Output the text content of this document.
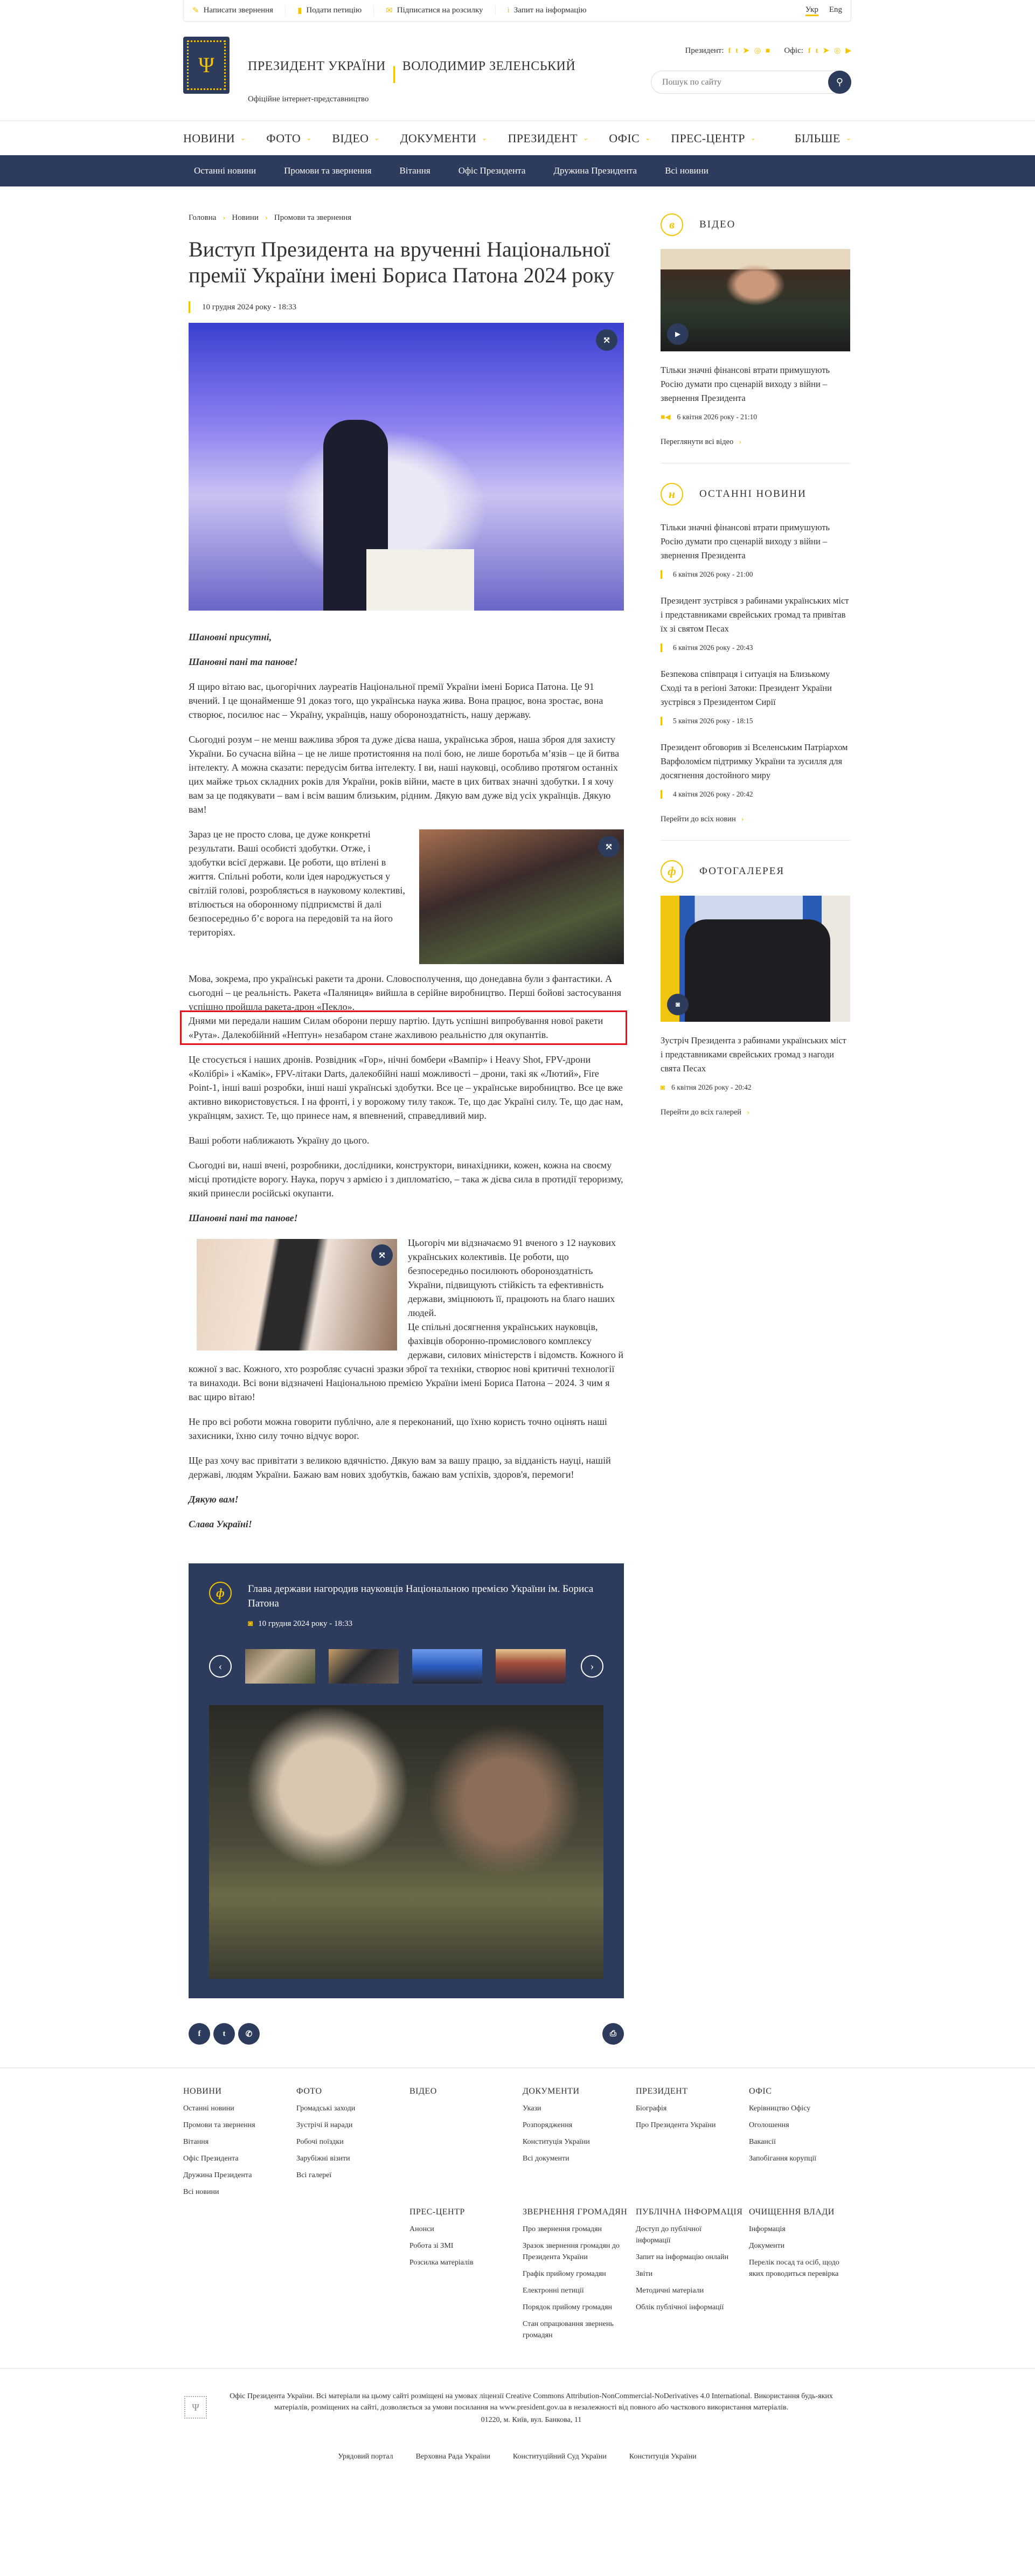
✎ Написати звернення	▮ Подати петицію	✉ Підписатися на розсилку	i Запит на інформацію	Укр Eng
Ψ	ПРЕЗИДЕНТ УКРАЇНИ ВОЛОДИМИР ЗЕЛЕНСЬКИЙ
Офіційне інтернет-представництво
Президент: f t ➤ ◎ ■ Офіс: f t ➤ ◎ ▶
Пошук по сайту
⚲
НОВИНИ ⌄ ФОТО ⌄ ВІДЕО ⌄ ДОКУМЕНТИ ⌄ ПРЕЗИДЕНТ ⌄ ОФІС ⌄ ПРЕС-ЦЕНТР ⌄	БІЛЬШЕ ⌄
Останні новини	Промови та звернення	Вітання	Офіс Президента	Дружина Президента	Всі новини
Головна › Новини › Промови та звернення
Виступ Президента на врученні Національної премії України імені Бориса Патона 2024 року
10 грудня 2024 року - 18:33
⤧

Шановні присутні,

Шановні пані та панове!

Я щиро вітаю вас, цьогорічних лауреатів Національної премії України імені Бориса Патона. Це 91 вчений. І це щонайменше 91 доказ того, що українська наука жива. Вона працює, вона зростає, вона створює, посилює нас – Україну, українців, нашу обороноздатність, нашу державу.

Сьогодні розум – не менш важлива зброя та дуже дієва наша, українська зброя, наша зброя для захисту України. Бо сучасна війна – це не лише протистояння на полі бою, не лише боротьба м’язів – це й битва інтелекту. А можна сказати: передусім битва інтелекту. І ви, наші науковці, особливо протягом останніх цих майже трьох складних років для України, років війни, маєте в цих битвах значні здобутки. І я хочу вам за це подякувати – вам і всім вашим близьким, рідним. Дякую вам дуже від усіх українців. Дякую вам!

⤧

Зараз це не просто слова, це дуже конкретні результати. Ваші особисті здобутки. Отже, і здобутки всієї держави. Це роботи, що втілені в життя. Спільні роботи, коли ідея народжується у світлій голові, розробляється в науковому колективі, втілюється на оборонному підприємстві й далі безпосередньо б’є ворога на передовій та на його територіях.

Мова, зокрема, про українські ракети та дрони. Словосполучення, що донедавна були з фантастики. А сьогодні – це реальність. Ракета «Паляниця» вийшла в серійне виробництво. Перші бойові застосування успішно пройшла ракета-дрон «Пекло».

Днями ми передали нашим Силам оборони першу партію. Ідуть успішні випробування нової ракети «Рута». Далекобійний «Нептун» незабаром стане жахливою реальністю для окупантів.

Це стосується і наших дронів. Розвідник «Гор», нічні бомбери «Вампір» і Heavy Shot, FPV-дрони «Колібрі» і «Камік», FPV-літаки Darts, далекобійні наші можливості – дрони, такі як «Лютий», Fire Point-1, інші ваші розробки, інші наші українські здобутки. Все це – українське виробництво. Все це вже активно використовується. І на фронті, і у ворожому тилу також. Те, що дає Україні силу. Те, що дає нам, українцям, захист. Те, що принесе нам, я впевнений, справедливий мир.

Ваші роботи наближають Україну до цього.

Сьогодні ви, наші вчені, розробники, дослідники, конструктори, винахідники, кожен, кожна на своєму місці протидієте ворогу. Наука, поруч з армією і з дипломатією, – така ж дієва сила в протидії тероризму, який принесли російські окупанти.

Шановні пані та панове!

⤧

Цьогоріч ми відзначаємо 91 вченого з 12 наукових українських колективів. Це роботи, що безпосередньо посилюють обороноздатність України, підвищують стійкість та ефективність держави, зміцнюють її, працюють на благо наших людей.

Це спільні досягнення українських науковців, фахівців оборонно-промислового комплексу держави, силових міністерств і відомств. Кожного й кожної з вас. Кожного, хто розробляє сучасні зразки зброї та техніки, створює нові критичні технології та винаходи. Всі вони відзначені Національною премією України імені Бориса Патона – 2024. З чим я вас щиро вітаю!

Не про всі роботи можна говорити публічно, але я переконаний, що їхню користь точно оцінять наші захисники, їхню силу точно відчує ворог.

Ще раз хочу вас привітати з великою вдячністю. Дякую вам за вашу працю, за відданість науці, нашій державі, людям України. Бажаю вам нових здобутків, бажаю вам успіхів, здоров'я, перемоги!

Дякую вам!

Слава Україні!

ф	Глава держави нагородив науковців Національною премією України ім. Бориса Патона
◙ 10 грудня 2024 року - 18:33
‹	›
f	t	✆	⎙
в	ВІДЕО
▶
Тільки значні фінансові втрати примушують Росію думати про сценарій виходу з війни – звернення Президента
■◀ 6 квітня 2026 року - 21:10
Переглянути всі відео ›
н	ОСТАННІ НОВИНИ
Тільки значні фінансові втрати примушують Росію думати про сценарій виходу з війни – звернення Президента
6 квітня 2026 року - 21:00
Президент зустрівся з рабинами українських міст і представниками єврейських громад та привітав їх зі святом Песах
6 квітня 2026 року - 20:43
Безпекова співпраця і ситуація на Близькому Сході та в регіоні Затоки: Президент України зустрівся з Президентом Сирії
5 квітня 2026 року - 18:15
Президент обговорив зі Вселенським Патріархом Варфоломієм підтримку України та зусилля для досягнення достойного миру
4 квітня 2026 року - 20:42
Перейти до всіх новин ›
ф	ФОТОГАЛЕРЕЯ
◙
Зустріч Президента з рабинами українських міст і представниками єврейських громад з нагоди свята Песах
◙ 6 квітня 2026 року - 20:42
Перейти до всіх галерей ›
НОВИНИ
Останні новини
Промови та звернення
Вітання
Офіс Президента
Дружина Президента
Всі новини
ФОТО
Громадські заходи
Зустрічі й наради
Робочі поїздки
Зарубіжні візити
Всі галереї
ВІДЕО	ДОКУМЕНТИ
Укази
Розпорядження
Конституція України
Всі документи
ПРЕЗИДЕНТ
Біографія
Про Президента України
ОФІС
Керівництво Офісу
Оголошення
Вакансії
Запобігання корупції
ПРЕС-ЦЕНТР
Анонси
Робота зі ЗМІ
Розсилка матеріалів
ЗВЕРНЕННЯ ГРОМАДЯН
Про звернення громадян
Зразок звернення громадян до Президента України
Графік прийому громадян
Електронні петиції
Порядок прийому громадян
Стан опрацювання звернень громадян
ПУБЛІЧНА ІНФОРМАЦІЯ
Доступ до публічної інформації
Запит на інформацію онлайн
Звіти
Методичні матеріали
Облік публічної інформації
ОЧИЩЕННЯ ВЛАДИ
Інформація
Документи
Перелік посад та осіб, щодо яких проводиться перевірка
Ψ
Офіс Президента України. Всі матеріали на цьому сайті розміщені на умовах ліцензії Creative Commons Attribution-NonCommercial-NoDerivatives 4.0 International. Використання будь-яких матеріалів, розміщених на сайті, дозволяється за умови посилання на www.president.gov.ua в незалежності від повного або часткового використання матеріалів.
01220, м. Київ, вул. Банкова, 11
Урядовий портал	Верховна Рада України	Конституційний Суд України	Конституція України
